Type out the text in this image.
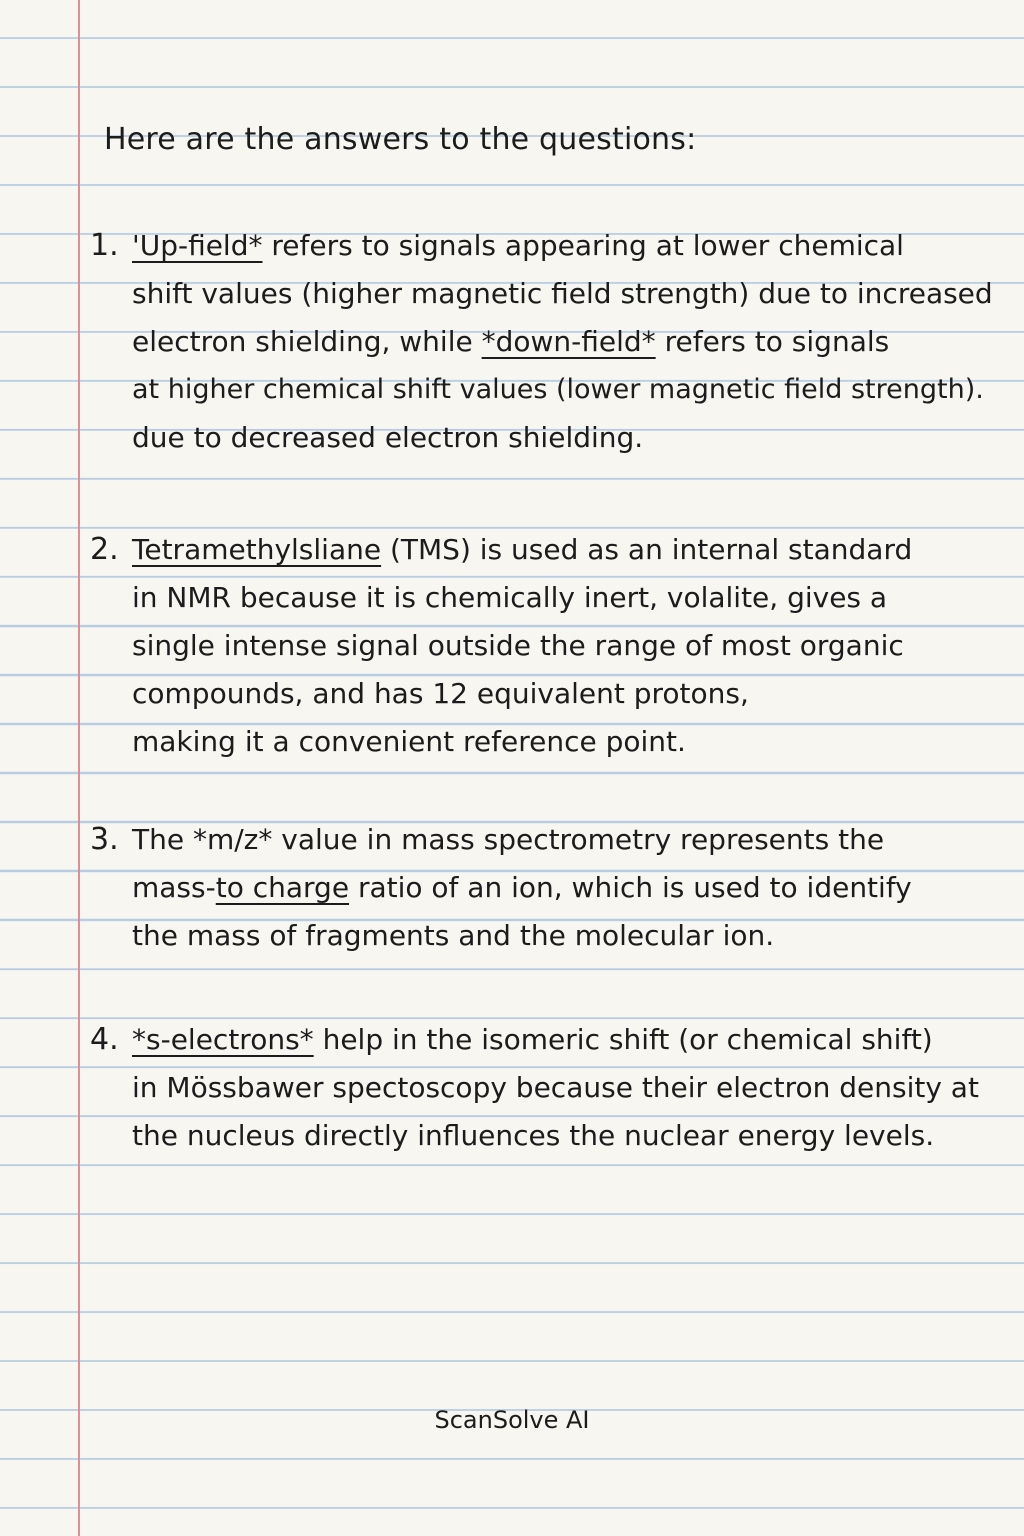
Here are the answers to the questions:

1. 'Up-field* refers to signals appearing at lower chemical
shift values (higher magnetic field strength) due to increased
electron shielding, while *down-field* refers to signals
at higher chemical shift values (lower magnetic field strength).
due to decreased electron shielding.
2. Tetramethylsliane (TMS) is used as an internal standard
in NMR because it is chemically inert, volalite, gives a
single intense signal outside the range of most organic
compounds, and has 12 equivalent protons,
making it a convenient reference point.
3. The *m/z* value in mass spectrometry represents the
mass-to charge ratio of an ion, which is used to identify
the mass of fragments and the molecular ion.
4. *s-electrons* help in the isomeric shift (or chemical shift)
in Mössbawer spectoscopy because their electron density at
the nucleus directly influences the nuclear energy levels.
ScanSolve AI
